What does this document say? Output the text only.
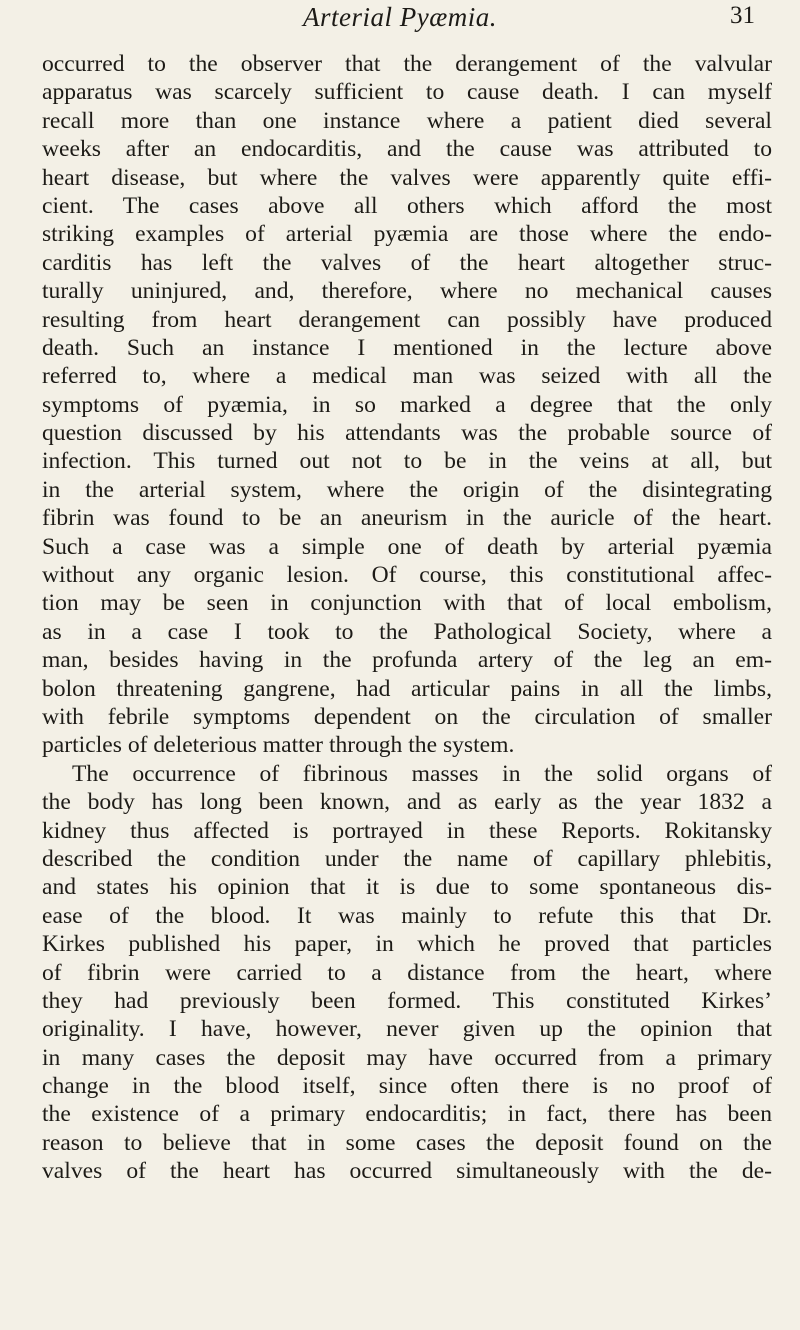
Arterial Pyæmia.	31
occurred to the observer that the derangement of the valvular
apparatus was scarcely sufficient to cause death. I can myself
recall more than one instance where a patient died several
weeks after an endocarditis, and the cause was attributed to
heart disease, but where the valves were apparently quite effi-
cient. The cases above all others which afford the most
striking examples of arterial pyæmia are those where the endo-
carditis has left the valves of the heart altogether struc-
turally uninjured, and, therefore, where no mechanical causes
resulting from heart derangement can possibly have produced
death. Such an instance I mentioned in the lecture above
referred to, where a medical man was seized with all the
symptoms of pyæmia, in so marked a degree that the only
question discussed by his attendants was the probable source of
infection. This turned out not to be in the veins at all, but
in the arterial system, where the origin of the disintegrating
fibrin was found to be an aneurism in the auricle of the heart.
Such a case was a simple one of death by arterial pyæmia
without any organic lesion. Of course, this constitutional affec-
tion may be seen in conjunction with that of local embolism,
as in a case I took to the Pathological Society, where a
man, besides having in the profunda artery of the leg an em-
bolon threatening gangrene, had articular pains in all the limbs,
with febrile symptoms dependent on the circulation of smaller
particles of deleterious matter through the system.
The occurrence of fibrinous masses in the solid organs of
the body has long been known, and as early as the year 1832 a
kidney thus affected is portrayed in these Reports. Rokitansky
described the condition under the name of capillary phlebitis,
and states his opinion that it is due to some spontaneous dis-
ease of the blood. It was mainly to refute this that Dr.
Kirkes published his paper, in which he proved that particles
of fibrin were carried to a distance from the heart, where
they had previously been formed. This constituted Kirkes’
originality. I have, however, never given up the opinion that
in many cases the deposit may have occurred from a primary
change in the blood itself, since often there is no proof of
the existence of a primary endocarditis; in fact, there has been
reason to believe that in some cases the deposit found on the
valves of the heart has occurred simultaneously with the de-
